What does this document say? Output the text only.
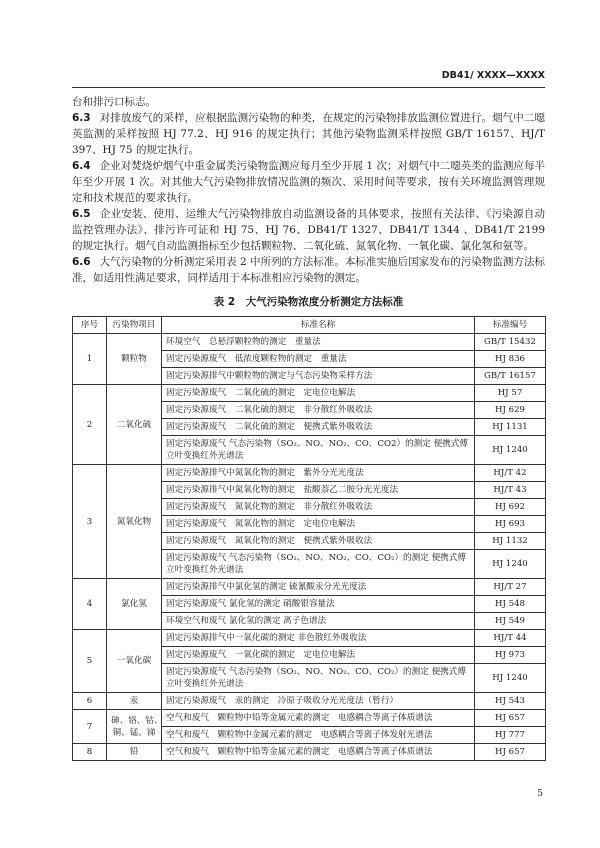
DB41/ XXXX—XXXX

台和排污口标志。

6.3 对排放废气的采样，应根据监测污染物的种类，在规定的污染物排放监测位置进行。烟气中二噁英监测的采样按照 HJ 77.2、HJ 916 的规定执行；其他污染物监测采样按照 GB/T 16157、HJ/T 397、HJ 75 的规定执行。

6.4 企业对焚烧炉烟气中重金属类污染物监测应每月至少开展 1 次；对烟气中二噁英类的监测应每半年至少开展 1 次。对其他大气污染物排放情况监测的频次、采用时间等要求，按有关环境监测管理规定和技术规范的要求执行。

6.5 企业安装、使用、运维大气污染物排放自动监测设备的具体要求，按照有关法律、《污染源自动监控管理办法》、排污许可证和 HJ 75、HJ 76、DB41/T 1327、DB41/T 1344 、DB41/T 2199 的规定执行。烟气自动监测指标至少包括颗粒物、二氧化硫、氮氧化物、一氧化碳、氯化氢和氨等。

6.6 大气污染物的分析测定采用表 2 中所列的方法标准。本标准实施后国家发布的污染物监测方法标准，如适用性满足要求，同样适用于本标准相应污染物的测定。

表 2　大气污染物浓度分析测定方法标准
序号	污染物项目	标准名称	标准编号
1	颗粒物	环境空气　总悬浮颗粒物的测定　重量法	GB/T 15432
		固定污染源废气　低浓度颗粒物的测定　重量法	HJ 836
		固定污染源排气中颗粒物的测定与气态污染物采样方法	GB/T 16157
2	二氧化硫	固定污染源废气　二氧化硫的测定　定电位电解法	HJ 57
		固定污染源废气　二氧化硫的测定　非分散红外吸收法	HJ 629
		固定污染源废气　二氧化硫的测定　便携式紫外吸收法	HJ 1131
		固定污染源废气 气态污染物（SO₂、NO、NO₂、CO、CO2）的测定 便携式傅立叶变换红外光谱法	HJ 1240
3	氮氧化物	固定污染源排气中氮氧化物的测定　紫外分光光度法	HJ/T 42
		固定污染源排气中氮氧化物的测定　盐酸萘乙二胺分光光度法	HJ/T 43
		固定污染源废气　氮氧化物的测定　非分散红外吸收法	HJ 692
		固定污染源废气　氮氧化物的测定　定电位电解法	HJ 693
		固定污染源废气　氮氧化物的测定　便携式紫外吸收法	HJ 1132
		固定污染源废气 气态污染物（SO₂、NO、NO₂、CO、CO₂）的测定 便携式傅立叶变换红外光谱法	HJ 1240
4	氯化氢	固定污染源排气中氯化氢的测定 硫氰酸汞分光光度法	HJ/T 27
		固定污染源废气 氯化氢的测定 硝酸银容量法	HJ 548
		环境空气和废气 氯化氢的测定 离子色谱法	HJ 549
5	一氧化碳	固定污染源排气中一氧化碳的测定 非色散红外吸收法	HJ/T 44
		固定污染源废气　一氧化碳的测定　定电位电解法	HJ 973
		固定污染源废气 气态污染物（SO₂、NO、NO₂、CO、CO₂）的测定 便携式傅立叶变换红外光谱法	HJ 1240
6	汞	固定污染源废气　汞的测定　冷原子吸收分光光度法（暂行）	HJ 543
7	砷、铬、钴、
铜、锰、锑	空气和废气　颗粒物中铅等金属元素的测定　电感耦合等离子体质谱法	HJ 657
		空气和废气　颗粒物中金属元素的测定　电感耦合等离子体发射光谱法	HJ 777
8	铅	空气和废气　颗粒物中铅等金属元素的测定　电感耦合等离子体质谱法	HJ 657
5
